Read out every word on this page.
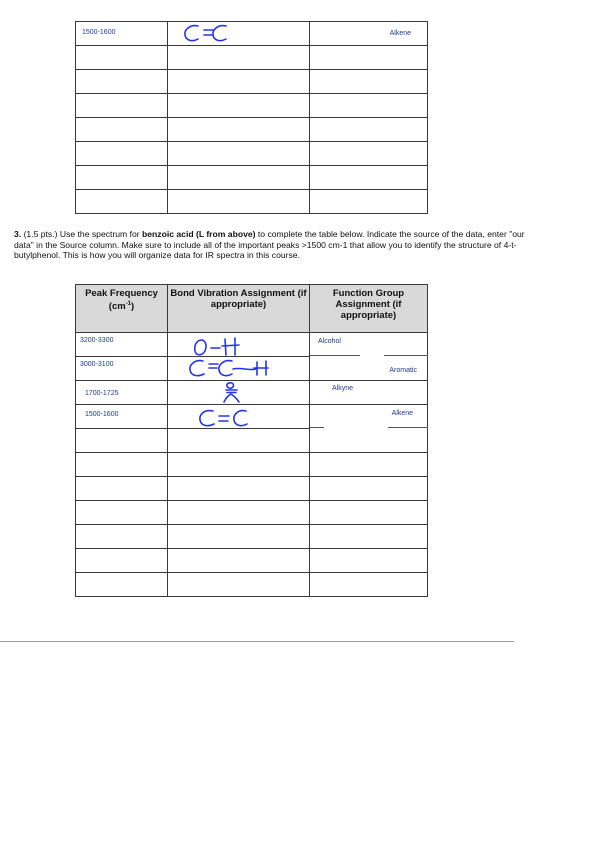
1500-1600		Alkene

3. (1.5 pts.) Use the spectrum for benzoic acid (L from above) to complete the table below. Indicate the source of the data, enter "our data" in the Source column. Make sure to include all of the important peaks >1500 cm-1 that allow you to identify the structure of 4-t-butylphenol. This is how you will organize data for IR spectra in this course.
Peak Frequency
$(cm^{-1})$	Bond Vibration Assignment (if appropriate)	Function Group Assignment (if appropriate)

3200-3300		Alcohol

3000-3100		Aromatic

1700-1725		Alkyne

1500-1600		Alkene
